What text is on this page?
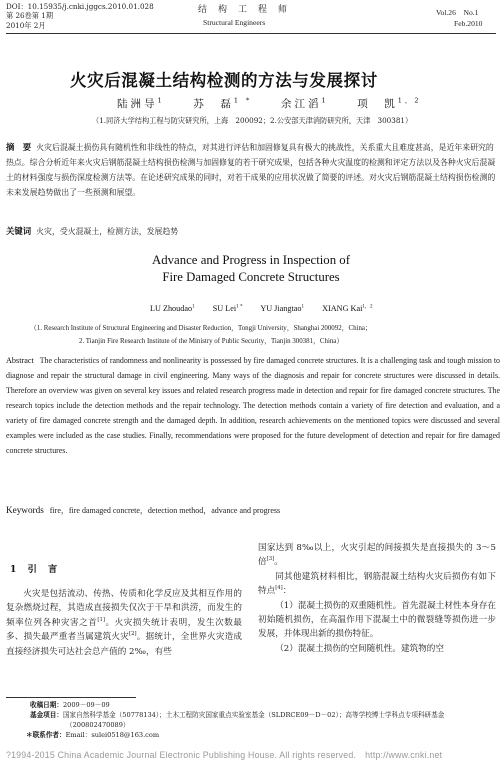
DOI：10.15935/j.cnki.jggcs.2010.01.028
第 26卷第 1期
2010年 2月
结　构　工　程　师
Structural Engineers
Vol.26　No.1
Feb.2010
火灾后混凝土结构检测的方法与发展探讨
陆洲导$^1$	苏　磊$^{1 *}$	余江滔$^1$	项　凯$^{1,2}$
（1.同济大学结构工程与防灾研究所，上海　200092；2.公安部天津消防研究所，天津　300381）
摘　要 火灾后混凝土损伤具有随机性和非线性的特点，对其进行评估和加固修复具有极大的挑战性，关系重大且难度甚高，是近年来研究的热点。综合分析近年来火灾后钢筋混凝土结构损伤检测与加固修复的若干研究成果，包括各种火灾温度的检测和评定方法以及各种火灾后混凝土的材料强度与损伤深度检测方法等。在论述研究成果的同时，对若干成果的应用状况做了简要的评述。对火灾后钢筋混凝土结构损伤检测的未来发展趋势做出了一些预测和展望。
关键词 火灾，受火混凝土，检测方法，发展趋势
Advance and Progress in Inspection of
Fire Damaged Concrete Structures
LU Zhoudao$^1$ SU Lei$^{1 *}$ YU Jiangtao$^1$ XIANG Kai$^{1,2}$
（1. Research Institute of Structural Engineering and Disaster Reduction，Tongji University，Shanghai 200092，China；
2. Tianjin Fire Research Institute of the Ministry of Public Security，Tianjin 300381，China）
Abstract The characteristics of randomness and nonlinearity is possessed by fire damaged concrete structures. It is a challenging task and tough mission to diagnose and repair the structural damage in civil engineering. Many ways of the diagnosis and repair for concrete structures were discussed in details. Therefore an overview was given on several key issues and related research progress made in detection and repair for fire damaged concrete structures. The research topics include the detection methods and the repair technology. The detection methods contain a variety of fire detection and evaluation, and a variety of fire damaged concrete strength and the damaged depth. In addition, research achievements on the mentioned topics were discussed and several examples were included as the case studies. Finally, recommendations were proposed for the future development of detection and repair for fire damaged concrete structures.
Keywords fire，fire damaged concrete，detection method，advance and progress
1　引　言

火灾是包括流动、传热、传质和化学反应及其相互作用的复杂燃烧过程，其造成直接损失仅次于干旱和洪涝，而发生的频率位列各种灾害之首[1]。火灾损失统计表明，发生次数最多、损失最严重者当属建筑火灾[2]。据统计，全世界火灾造成直接经济损失可达社会总产值的 2‰，有些

国家达到 8‰以上，火灾引起的间接损失是直接损失的 3～5倍[3]。

同其他建筑材料相比，钢筋混凝土结构火灾后损伤有如下特点[4]：

（1）混凝土损伤的双重随机性。首先混凝土材性本身存在初始随机损伤，在高温作用下混凝土中的微裂缝等损伤进一步发展，并体现出新的损伤特征。

（2）混凝土损伤的空间随机性。建筑物的空

收稿日期：2009－09－09
基金项目：国家自然科学基金（50778134）；土木工程防灾国家重点实验室基金（SLDRCE09－D－02）；高等学校博士学科点专项科研基金（200802470089）
＊联系作者：Email：sulei0518@163.com
?1994-2015 China Academic Journal Electronic Publishing House. All rights reserved.　http://www.cnki.net
